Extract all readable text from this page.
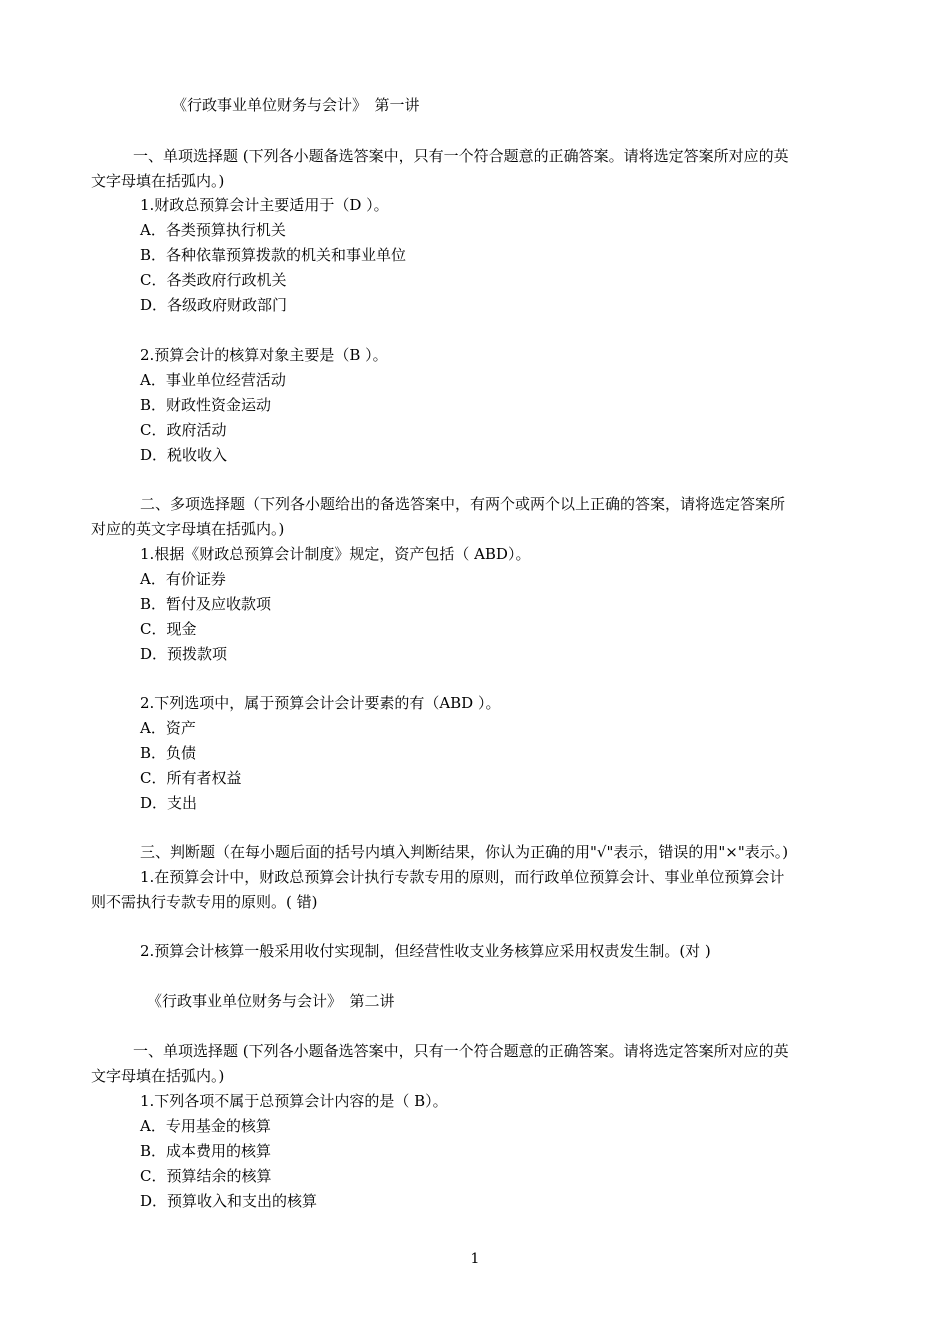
《行政事业单位财务与会计》　第一讲
一、单项选择题 (下列各小题备选答案中，只有一个符合题意的正确答案。请将选定答案所对应的英
文字母填在括弧内。)
1.财政总预算会计主要适用于（D ）。
A．各类预算执行机关
B．各种依靠预算拨款的机关和事业单位
C．各类政府行政机关
D．各级政府财政部门
2.预算会计的核算对象主要是（B ）。
A．事业单位经营活动
B．财政性资金运动
C．政府活动
D．税收收入
二、多项选择题（下列各小题给出的备选答案中，有两个或两个以上正确的答案，请将选定答案所
对应的英文字母填在括弧内。)
1.根据《财政总预算会计制度》规定，资产包括（ ABD）。
A．有价证券
B．暂付及应收款项
C．现金
D．预拨款项
2.下列选项中，属于预算会计会计要素的有（ABD ）。
A．资产
B．负债
C．所有者权益
D．支出
三、判断题（在每小题后面的括号内填入判断结果，你认为正确的用"√"表示，错误的用"×"表示。)
1.在预算会计中，财政总预算会计执行专款专用的原则，而行政单位预算会计、事业单位预算会计
则不需执行专款专用的原则。( 错)
2.预算会计核算一般采用收付实现制，但经营性收支业务核算应采用权责发生制。(对 )
《行政事业单位财务与会计》　第二讲
一、单项选择题 (下列各小题备选答案中，只有一个符合题意的正确答案。请将选定答案所对应的英
文字母填在括弧内。)
1.下列各项不属于总预算会计内容的是（ B）。
A．专用基金的核算
B．成本费用的核算
C．预算结余的核算
D．预算收入和支出的核算
1
